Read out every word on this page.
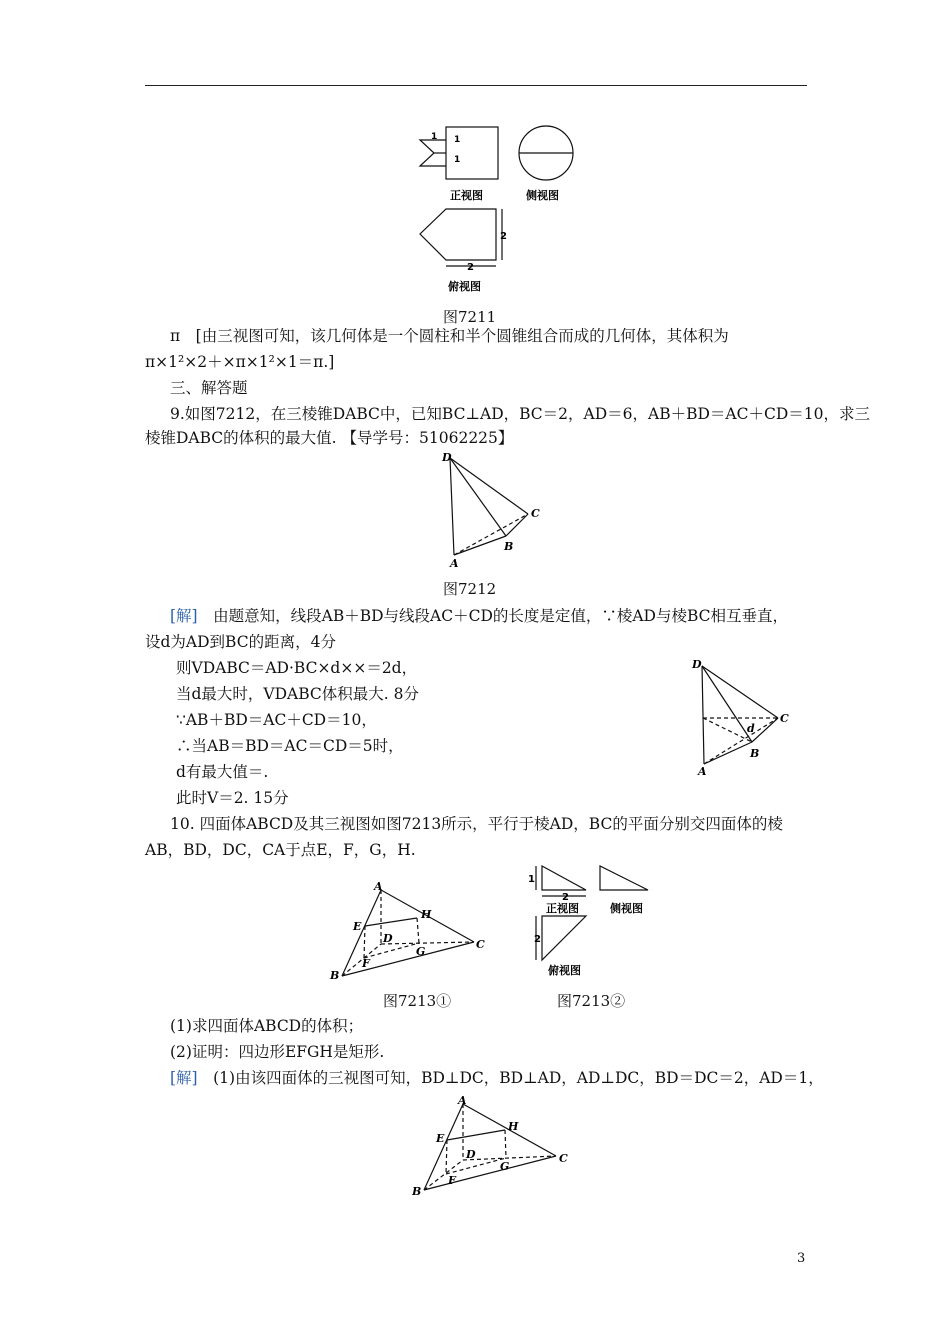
1 1
1
正视图	侧视图
2
2
俯视图
图7211
π　[由三视图可知，该几何体是一个圆柱和半个圆锥组合而成的几何体，其体积为
π×1²×2＋×π×1²×1＝π.]
三、解答题
9.如图7212，在三棱锥DABC中，已知BC⊥AD，BC＝2，AD＝6，AB＋BD＝AC＋CD＝10，求三
棱锥DABC的体积的最大值. 【导学号：51062225】
D
C
B
A
图7212
[解]　 由题意知，线段AB＋BD与线段AC＋CD的长度是定值，∵棱AD与棱BC相互垂直，
设d为AD到BC的距离，4分
则VDABC＝AD·BC×d××＝2d，
当d最大时，VDABC体积最大. 8分
∵AB＋BD＝AC＋CD＝10，
∴当AB＝BD＝AC＝CD＝5时，
d有最大值＝.
此时V＝2. 15分
D
C
B
A
d
10. 四面体ABCD及其三视图如图7213所示，平行于棱AD，BC的平面分别交四面体的棱
AB，BD，DC，CA于点E，F，G，H.
A
E
H
D
G
F
C
B
图7213①
1
2
2
正视图	侧视图
俯视图
图7213②
(1)求四面体ABCD的体积；
(2)证明：四边形EFGH是矩形.
[解]　 (1)由该四面体的三视图可知，BD⊥DC，BD⊥AD，AD⊥DC，BD＝DC＝2，AD＝1，
A
E
H
D
G
F
C
B
3
